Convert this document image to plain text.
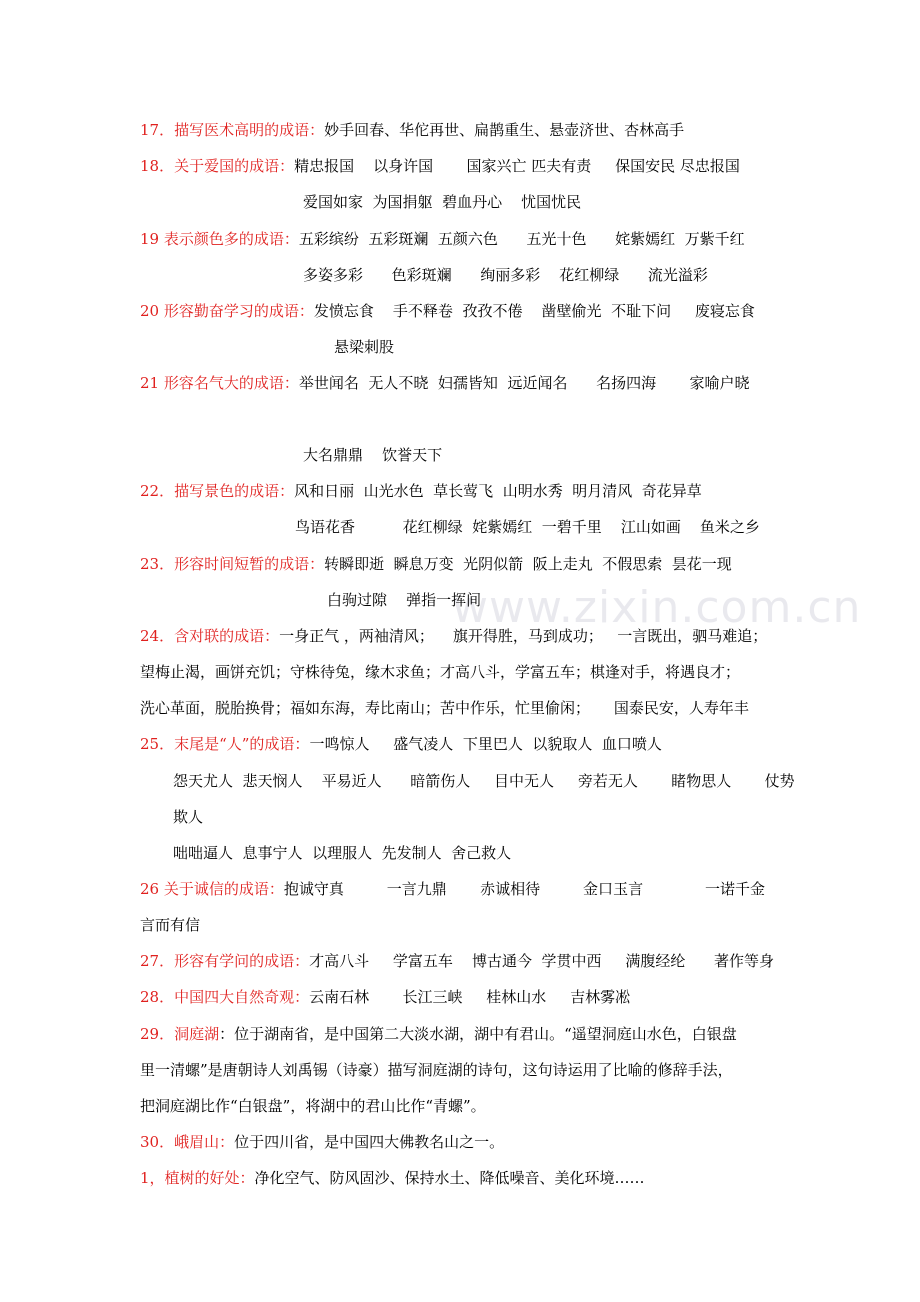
www.zixin.com.cn
17．描写医术高明的成语：妙手回春、华佗再世、扁鹊重生、悬壶济世、杏林高手
18．关于爱国的成语：精忠报国    以身许国       国家兴亡 匹夫有责     保国安民 尽忠报国
爱国如家  为国捐躯  碧血丹心    忧国忧民
19 表示颜色多的成语：五彩缤纷  五彩斑斓  五颜六色      五光十色      姹紫嫣红  万紫千红
多姿多彩      色彩斑斓      绚丽多彩    花红柳绿      流光溢彩
20 形容勤奋学习的成语：发愤忘食    手不释卷  孜孜不倦    凿壁偷光  不耻下问     废寝忘食
悬梁刺股
21 形容名气大的成语：举世闻名  无人不晓  妇孺皆知  远近闻名      名扬四海       家喻户晓
大名鼎鼎    饮誉天下
22．描写景色的成语：风和日丽  山光水色  草长莺飞  山明水秀  明月清风  奇花异草
鸟语花香          花红柳绿  姹紫嫣红  一碧千里    江山如画    鱼米之乡
23．形容时间短暂的成语：转瞬即逝  瞬息万变  光阴似箭  阪上走丸  不假思索  昙花一现
白驹过隙    弹指一挥间
24．含对联的成语：一身正气 ，两袖清风；    旗开得胜，马到成功；   一言既出，驷马难追；
望梅止渴，画饼充饥；守株待兔，缘木求鱼；才高八斗，学富五车；棋逢对手，将遇良才；
洗心革面，脱胎换骨；福如东海，寿比南山；苦中作乐，忙里偷闲；     国泰民安，人寿年丰
25．末尾是“人”的成语：一鸣惊人     盛气凌人  下里巴人  以貌取人  血口喷人
怨天尤人  悲天悯人    平易近人      暗箭伤人     目中无人     旁若无人       睹物思人       仗势
欺人
咄咄逼人  息事宁人  以理服人  先发制人  舍己救人
26 关于诚信的成语：抱诚守真         一言九鼎       赤诚相待         金口玉言             一诺千金
言而有信
27．形容有学问的成语：才高八斗     学富五车    博古通今  学贯中西     满腹经纶      著作等身
28．中国四大自然奇观：云南石林       长江三峡     桂林山水     吉林雾凇
29．洞庭湖：位于湖南省，是中国第二大淡水湖，湖中有君山。“遥望洞庭山水色，白银盘
里一清螺”是唐朝诗人刘禹锡（诗豪）描写洞庭湖的诗句，这句诗运用了比喻的修辞手法，
把洞庭湖比作“白银盘”，将湖中的君山比作“青螺”。
30．峨眉山：位于四川省，是中国四大佛教名山之一。
1，植树的好处：净化空气、防风固沙、保持水土、降低噪音、美化环境……
